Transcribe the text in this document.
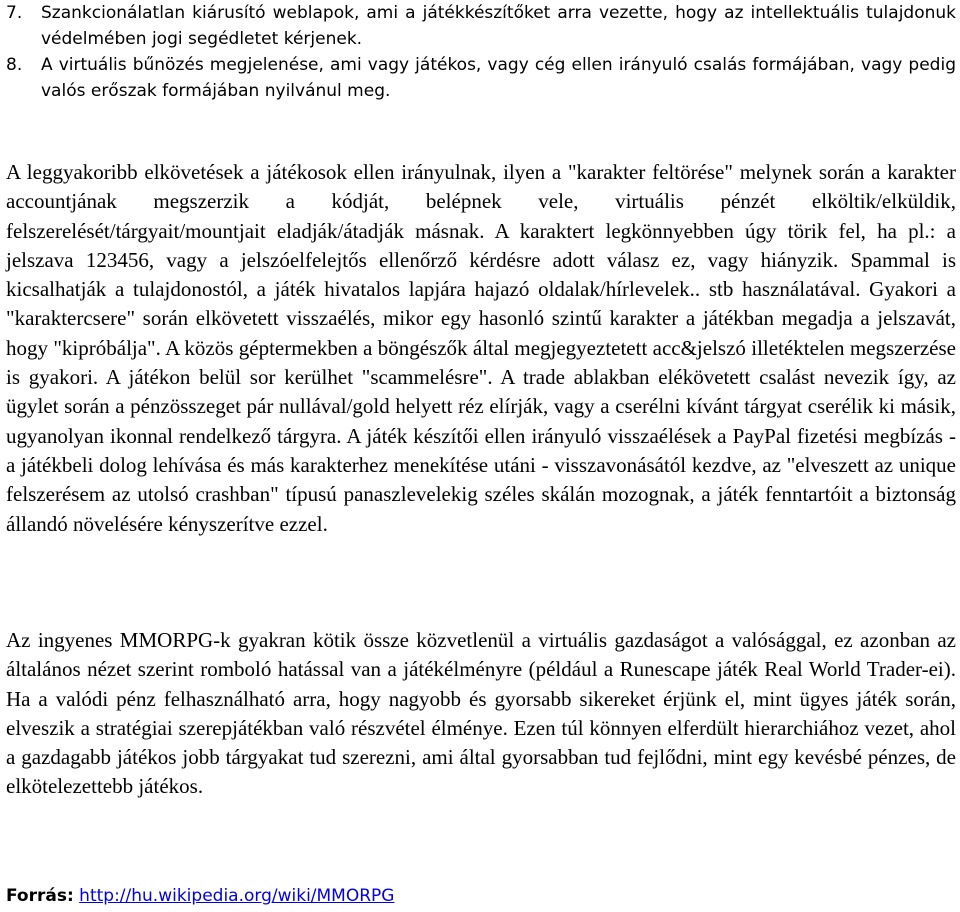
7.	Szankcionálatlan kiárusító weblapok, ami a játékkészítőket arra vezette, hogy az intellektuális tulajdonuk védelmében jogi segédletet kérjenek.
8.	A virtuális bűnözés megjelenése, ami vagy játékos, vagy cég ellen irányuló csalás formájában, vagy pedig valós erőszak formájában nyilvánul meg.

A leggyakoribb elkövetések a játékosok ellen irányulnak, ilyen a "karakter feltörése" melynek során a karakter accountjának megszerzik a kódját, belépnek vele, virtuális pénzét elköltik/elküldik, felszerelését/tárgyait/mountjait eladják/átadják másnak. A karaktert legkönnyebben úgy törik fel, ha pl.: a jelszava 123456, vagy a jelszóelfelejtős ellenőrző kérdésre adott válasz ez, vagy hiányzik. Spammal is kicsalhatják a tulajdonostól, a játék hivatalos lapjára hajazó oldalak/hírlevelek.. stb használatával. Gyakori a "karaktercsere" során elkövetett visszaélés, mikor egy hasonló szintű karakter a játékban megadja a jelszavát, hogy "kipróbálja". A közös géptermekben a böngészők által megjegyeztetett acc&jelszó illetéktelen megszerzése is gyakori. A játékon belül sor kerülhet "scammelésre". A trade ablakban elékövetett csalást nevezik így, az ügylet során a pénzösszeget pár nullával/gold helyett réz elírják, vagy a cserélni kívánt tárgyat cserélik ki másik, ugyanolyan ikonnal rendelkező tárgyra. A játék készítői ellen irányuló visszaélések a PayPal fizetési megbízás - a játékbeli dolog lehívása és más karakterhez menekítése utáni - visszavonásától kezdve, az "elveszett az unique felszerésem az utolsó crashban" típusú panaszlevelekig széles skálán mozognak, a játék fenntartóit a biztonság állandó növelésére kényszerítve ezzel.

Az ingyenes MMORPG-k gyakran kötik össze közvetlenül a virtuális gazdaságot a valósággal, ez azonban az általános nézet szerint romboló hatással van a játékélményre (például a Runescape játék Real World Trader-ei). Ha a valódi pénz felhasználható arra, hogy nagyobb és gyorsabb sikereket érjünk el, mint ügyes játék során, elveszik a stratégiai szerepjátékban való részvétel élménye. Ezen túl könnyen elferdült hierarchiához vezet, ahol a gazdagabb játékos jobb tárgyakat tud szerezni, ami által gyorsabban tud fejlődni, mint egy kevésbé pénzes, de elkötelezettebb játékos.

Forrás: http://hu.wikipedia.org/wiki/MMORPG
